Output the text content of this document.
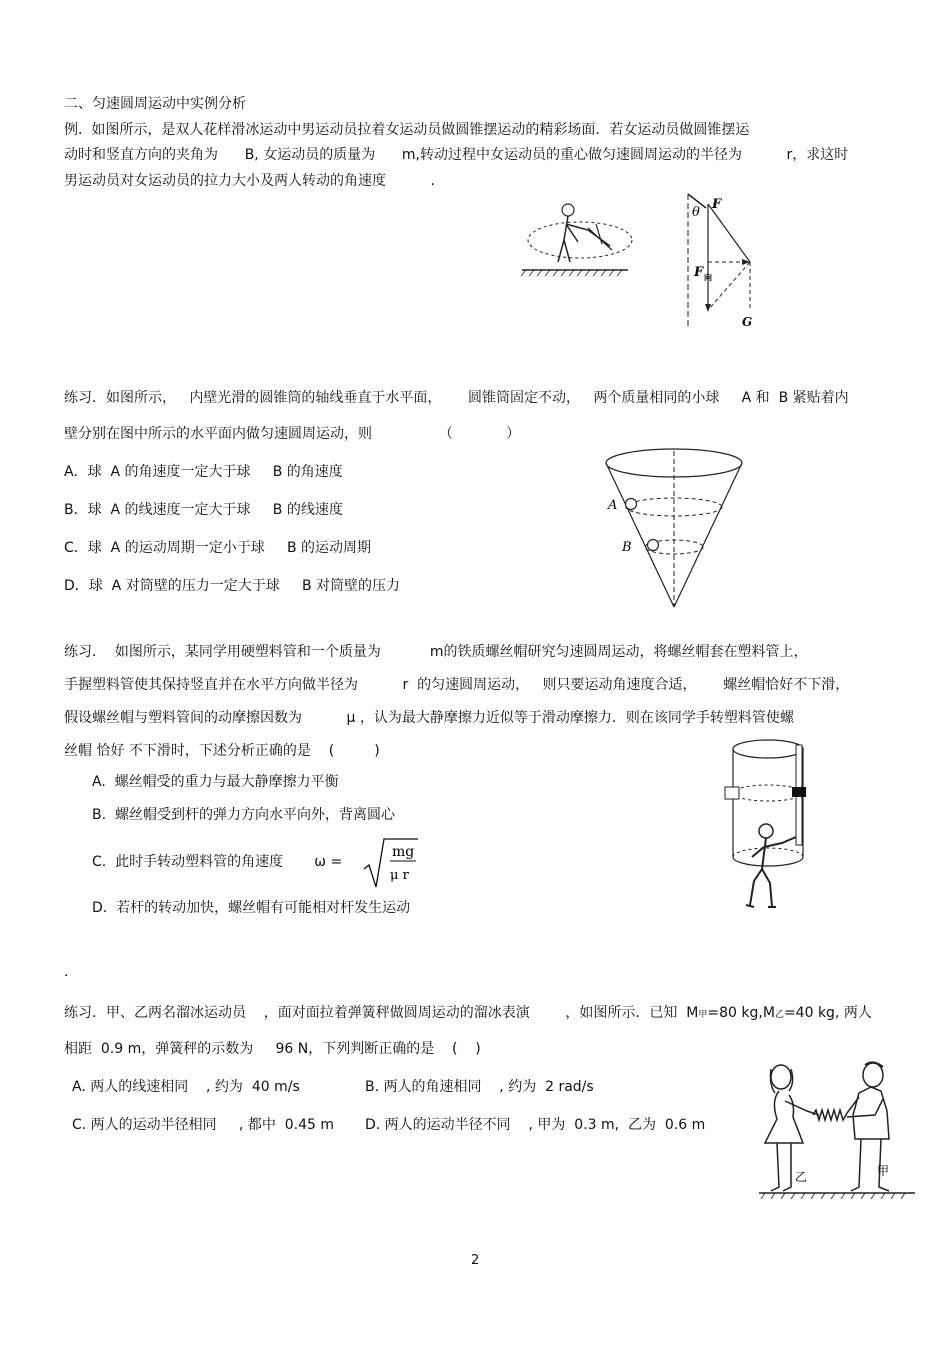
二、匀速圆周运动中实例分析
例.  如图所示，是双人花样滑冰运动中男运动员拉着女运动员做圆锥摆运动的精彩场面．若女运动员做圆锥摆运
动时和竖直方向的夹角为      B, 女运动员的质量为      m,转动过程中女运动员的重心做匀速圆周运动的半径为          r，求这时
男运动员对女运动员的拉力大小及两人转动的角速度          .
θ
F
F 向
G
练习．如图所示，   内壁光滑的圆锥筒的轴线垂直于水平面，      圆锥筒固定不动，   两个质量相同的小球     A 和  B 紧贴着内
壁分别在图中所示的水平面内做匀速圆周运动，则               （            ）
A．球  A 的角速度一定大于球     B 的角速度
B．球  A 的线速度一定大于球     B 的线速度
C．球  A 的运动周期一定小于球     B 的运动周期
D．球  A 对筒壁的压力一定大于球     B 对筒壁的压力
A
B
练习．  如图所示，某同学用硬塑料管和一个质量为           m的铁质螺丝帽研究匀速圆周运动，将螺丝帽套在塑料管上，
手握塑料管使其保持竖直并在水平方向做半径为          r  的匀速圆周运动，   则只要运动角速度合适，      螺丝帽恰好不下滑，
假设螺丝帽与塑料管间的动摩擦因数为          μ ，认为最大静摩擦力近似等于滑动摩擦力．则在该同学手转塑料管使螺
丝帽 恰好 不下滑时，下述分析正确的是    (         )
A.  螺丝帽受的重力与最大静摩擦力平衡
B.  螺丝帽受到杆的弹力方向水平向外，背离圆心
C.  此时手转动塑料管的角速度       ω =
mg
μ r
D.  若杆的转动加快，螺丝帽有可能相对杆发生运动
.
练习．甲、乙两名溜冰运动员    ，面对面拉着弹簧秤做圆周运动的溜冰表演        ，如图所示．已知  M甲=80 kg,M乙=40 kg, 两人
相距  0.9 m，弹簧秤的示数为     96 N，下列判断正确的是    (    )
A. 两人的线速相同    , 约为  40 m/s	B. 两人的角速相同    , 约为  2 rad/s
C. 两人的运动半径相同     , 都中  0.45 m D. 两人的运动半径不同    , 甲为  0.3 m,  乙为  0.6 m
乙	甲
2
